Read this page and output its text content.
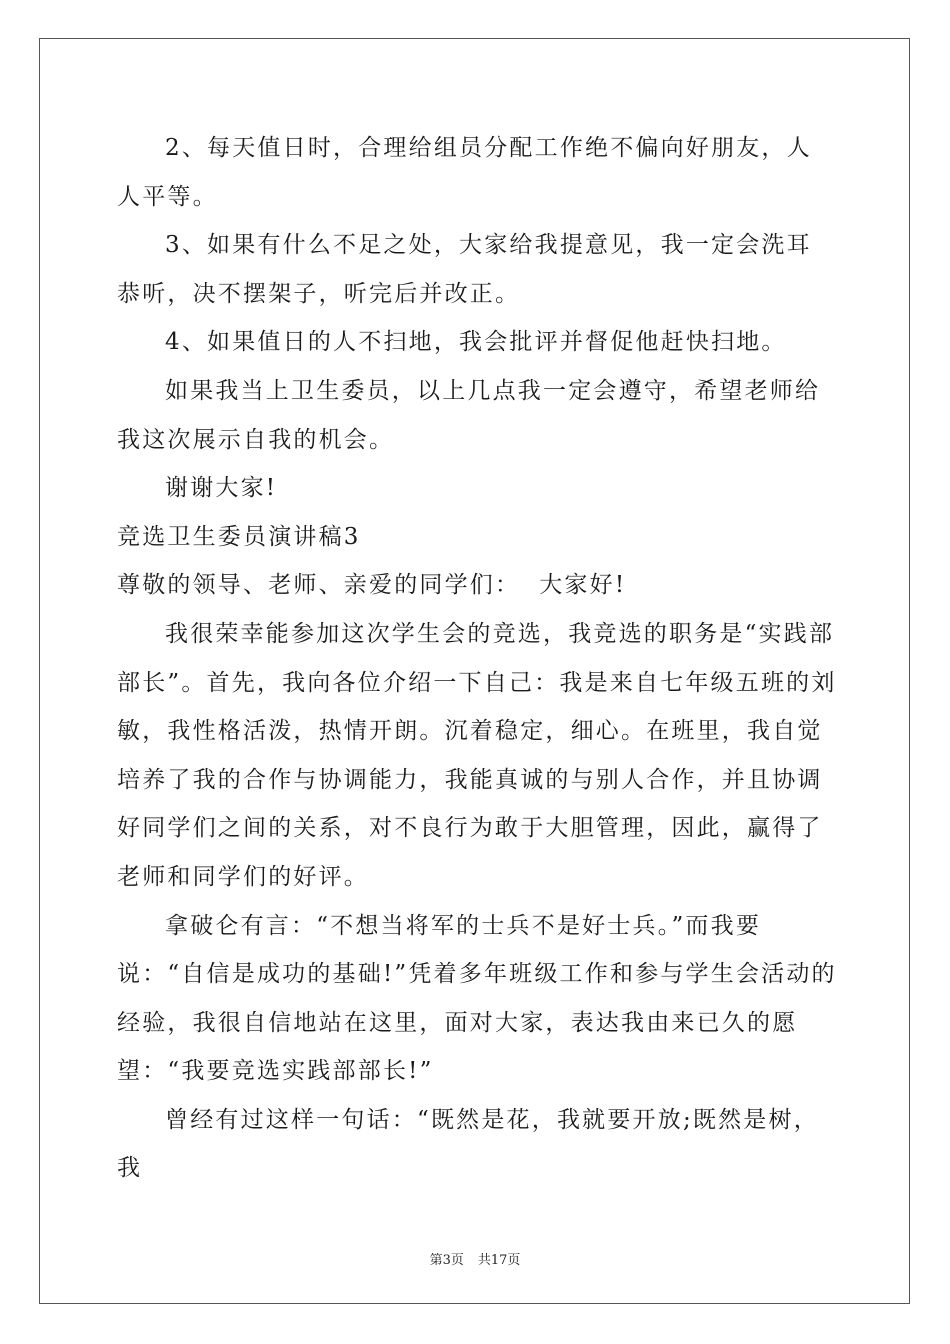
2、每天值日时，合理给组员分配工作绝不偏向好朋友，人人平等。

3、如果有什么不足之处，大家给我提意见，我一定会洗耳恭听，决不摆架子，听完后并改正。

4、如果值日的人不扫地，我会批评并督促他赶快扫地。

如果我当上卫生委员，以上几点我一定会遵守，希望老师给我这次展示自我的机会。

谢谢大家!

竞选卫生委员演讲稿3

尊敬的领导、老师、亲爱的同学们：  大家好!

我很荣幸能参加这次学生会的竞选，我竞选的职务是“实践部部长”。首先，我向各位介绍一下自己：我是来自七年级五班的刘敏，我性格活泼，热情开朗。沉着稳定，细心。在班里，我自觉培养了我的合作与协调能力，我能真诚的与别人合作，并且协调好同学们之间的关系，对不良行为敢于大胆管理，因此，赢得了老师和同学们的好评。

拿破仑有言：“不想当将军的士兵不是好士兵。”而我要说：“自信是成功的基础!”凭着多年班级工作和参与学生会活动的经验，我很自信地站在这里，面对大家，表达我由来已久的愿望：“我要竞选实践部部长!”

曾经有过这样一句话：“既然是花，我就要开放;既然是树，我

第3页 共17页
